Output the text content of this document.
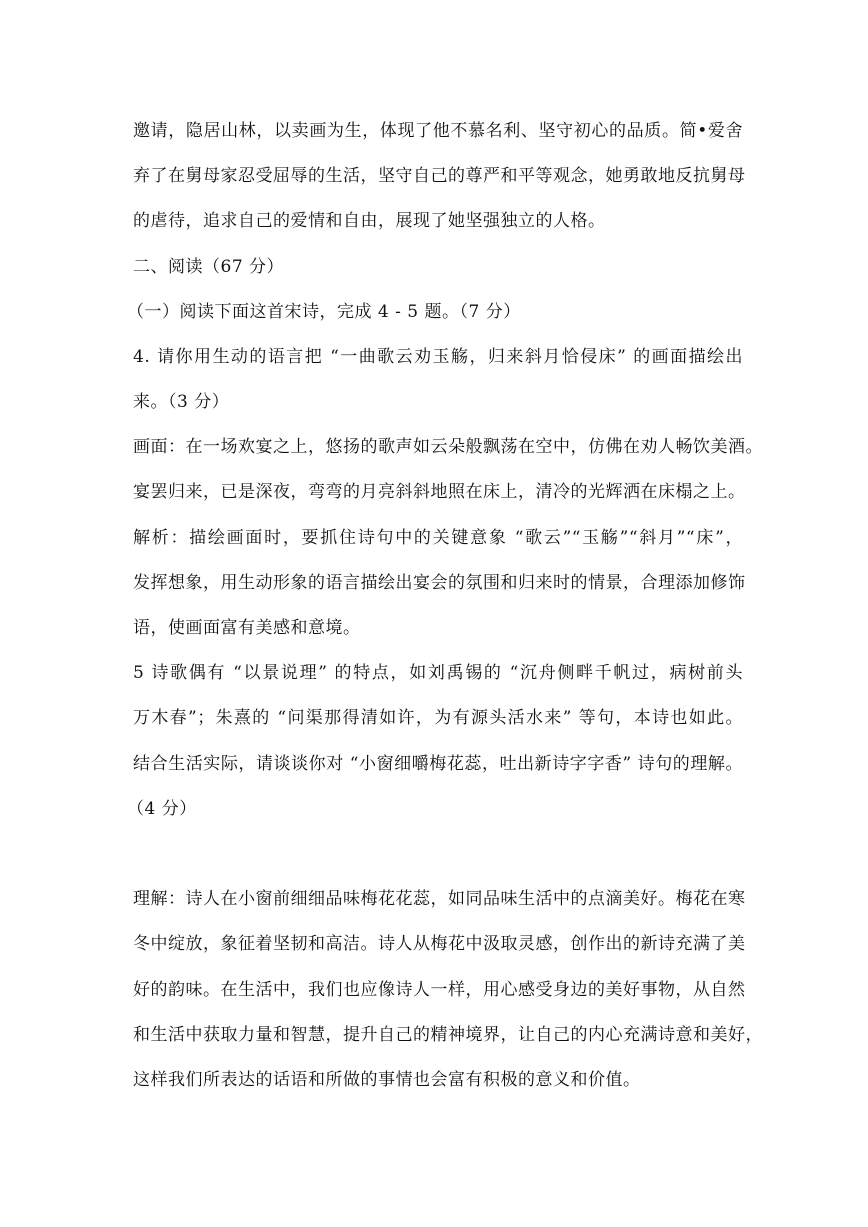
邀请，隐居山林，以卖画为生，体现了他不慕名利、坚守初心的品质。简•爱舍
弃了在舅母家忍受屈辱的生活，坚守自己的尊严和平等观念，她勇敢地反抗舅母
的虐待，追求自己的爱情和自由，展现了她坚强独立的人格。
二、阅读（67 分）
（一）阅读下面这首宋诗，完成 4 - 5 题。（7 分）
4. 请你用生动的语言把 “一曲歌云劝玉觞，归来斜月恰侵床” 的画面描绘出
来。（3 分）
画面：在一场欢宴之上，悠扬的歌声如云朵般飘荡在空中，仿佛在劝人畅饮美酒。
宴罢归来，已是深夜，弯弯的月亮斜斜地照在床上，清冷的光辉洒在床榻之上。
解析：描绘画面时，要抓住诗句中的关键意象 “歌云”“玉觞”“斜月”“床”，
发挥想象，用生动形象的语言描绘出宴会的氛围和归来时的情景，合理添加修饰
语，使画面富有美感和意境。
5 诗歌偶有 “以景说理” 的特点，如刘禹锡的 “沉舟侧畔千帆过，病树前头
万木春”；朱熹的 “问渠那得清如许，为有源头活水来” 等句，本诗也如此。
结合生活实际，请谈谈你对 “小窗细嚼梅花蕊，吐出新诗字字香” 诗句的理解。
（4 分）
理解：诗人在小窗前细细品味梅花花蕊，如同品味生活中的点滴美好。梅花在寒
冬中绽放，象征着坚韧和高洁。诗人从梅花中汲取灵感，创作出的新诗充满了美
好的韵味。在生活中，我们也应像诗人一样，用心感受身边的美好事物，从自然
和生活中获取力量和智慧，提升自己的精神境界，让自己的内心充满诗意和美好，
这样我们所表达的话语和所做的事情也会富有积极的意义和价值。
